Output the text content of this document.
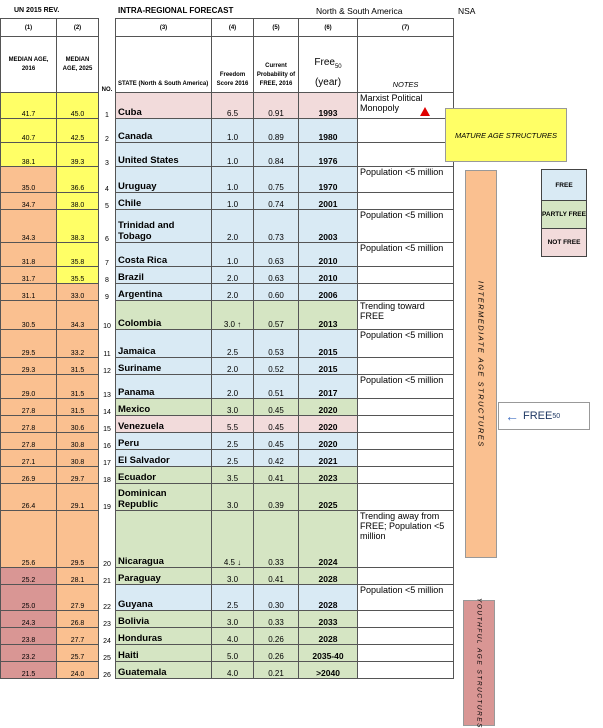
UN 2015 REV.	INTRA-REGIONAL FORECAST	North & South America	NSA
(1)	(2)		(3)	(4)	(5)	(6)	(7)
MEDIAN AGE, 2016	MEDIAN AGE, 2025	NO.	STATE (North & South America)	Freedom Score 2016	Current Probability of FREE, 2016	Free$_{50}$
(year)	NOTES
41.7	45.0	1	Cuba	6.5	0.91	1993	Marxist Political Monopoly
40.7	42.5	2	Canada	1.0	0.89	1980	
38.1	39.3	3	United States	1.0	0.84	1976	
35.0	36.6	4	Uruguay	1.0	0.75	1970	Population <5 million
34.7	38.0	5	Chile	1.0	0.74	2001	
34.3	38.3	6	Trinidad and Tobago	2.0	0.73	2003	Population <5 million
31.8	35.8	7	Costa Rica	1.0	0.63	2010	Population <5 million
31.7	35.5	8	Brazil	2.0	0.63	2010	
31.1	33.0	9	Argentina	2.0	0.60	2006	
30.5	34.3	10	Colombia	3.0 ↑	0.57	2013	Trending toward FREE
29.5	33.2	11	Jamaica	2.5	0.53	2015	Population <5 million
29.3	31.5	12	Suriname	2.0	0.52	2015	
29.0	31.5	13	Panama	2.0	0.51	2017	Population <5 million
27.8	31.5	14	Mexico	3.0	0.45	2020	
27.8	30.6	15	Venezuela	5.5	0.45	2020	
27.8	30.8	16	Peru	2.5	0.45	2020	
27.1	30.8	17	El Salvador	2.5	0.42	2021	
26.9	29.7	18	Ecuador	3.5	0.41	2023	
26.4	29.1	19	Dominican Republic	3.0	0.39	2025	
25.6	29.5	20	Nicaragua	4.5 ↓	0.33	2024	Trending away from FREE; Population <5 million
25.2	28.1	21	Paraguay	3.0	0.41	2028	
25.0	27.9	22	Guyana	2.5	0.30	2028	Population <5 million
24.3	26.8	23	Bolivia	3.0	0.33	2033	
23.8	27.7	24	Honduras	4.0	0.26	2028	
23.2	25.7	25	Haiti	5.0	0.26	2035-40	
21.5	24.0	26	Guatemala	4.0	0.21	>2040	
FREE
PARTLY FREE
NOT FREE
MATURE AGE STRUCTURES
INTERMEDIATE AGE STRUCTURES
YOUTHFUL AGE STRUCTURES
← FREE 50
